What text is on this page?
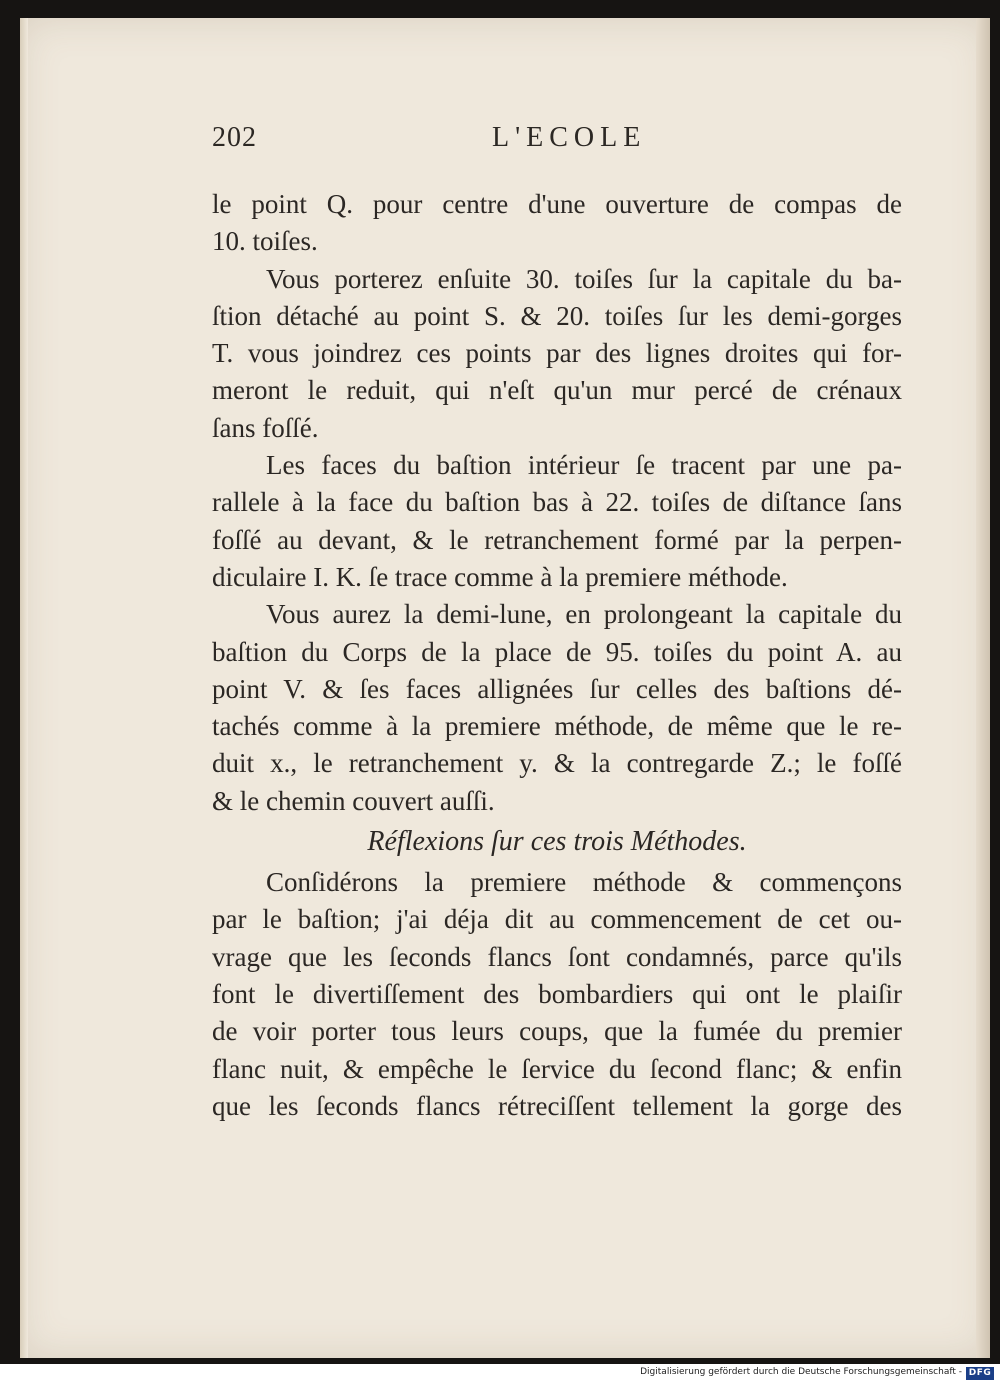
202	L'ECOLE
le point Q. pour centre d'une ouverture de compas de
10. toiſes.
Vous porterez enſuite 30. toiſes ſur la capitale du ba-
ſtion détaché au point S. & 20. toiſes ſur les demi-gorges
T. vous joindrez ces points par des lignes droites qui for-
meront le reduit, qui n'eſt qu'un mur percé de crénaux
ſans foſſé.
Les faces du baſtion intérieur ſe tracent par une pa-
rallele à la face du baſtion bas à 22. toiſes de diſtance ſans
foſſé au devant, & le retranchement formé par la perpen-
diculaire I. K. ſe trace comme à la premiere méthode.
Vous aurez la demi-lune, en prolongeant la capitale du
baſtion du Corps de la place de 95. toiſes du point A. au
point V. & ſes faces allignées ſur celles des baſtions dé-
tachés comme à la premiere méthode, de même que le re-
duit x., le retranchement y. & la contregarde Z.; le foſſé
& le chemin couvert auſſi.
Réflexions ſur ces trois Méthodes.
Conſidérons la premiere méthode & commençons
par le baſtion; j'ai déja dit au commencement de cet ou-
vrage que les ſeconds flancs ſont condamnés, parce qu'ils
font le divertiſſement des bombardiers qui ont le plaiſir
de voir porter tous leurs coups, que la fumée du premier
flanc nuit, & empêche le ſervice du ſecond flanc; & enfin
que les ſeconds flancs rétreciſſent tellement la gorge des
Digitalisierung gefördert durch die Deutsche Forschungsgemeinschaft - DFG
